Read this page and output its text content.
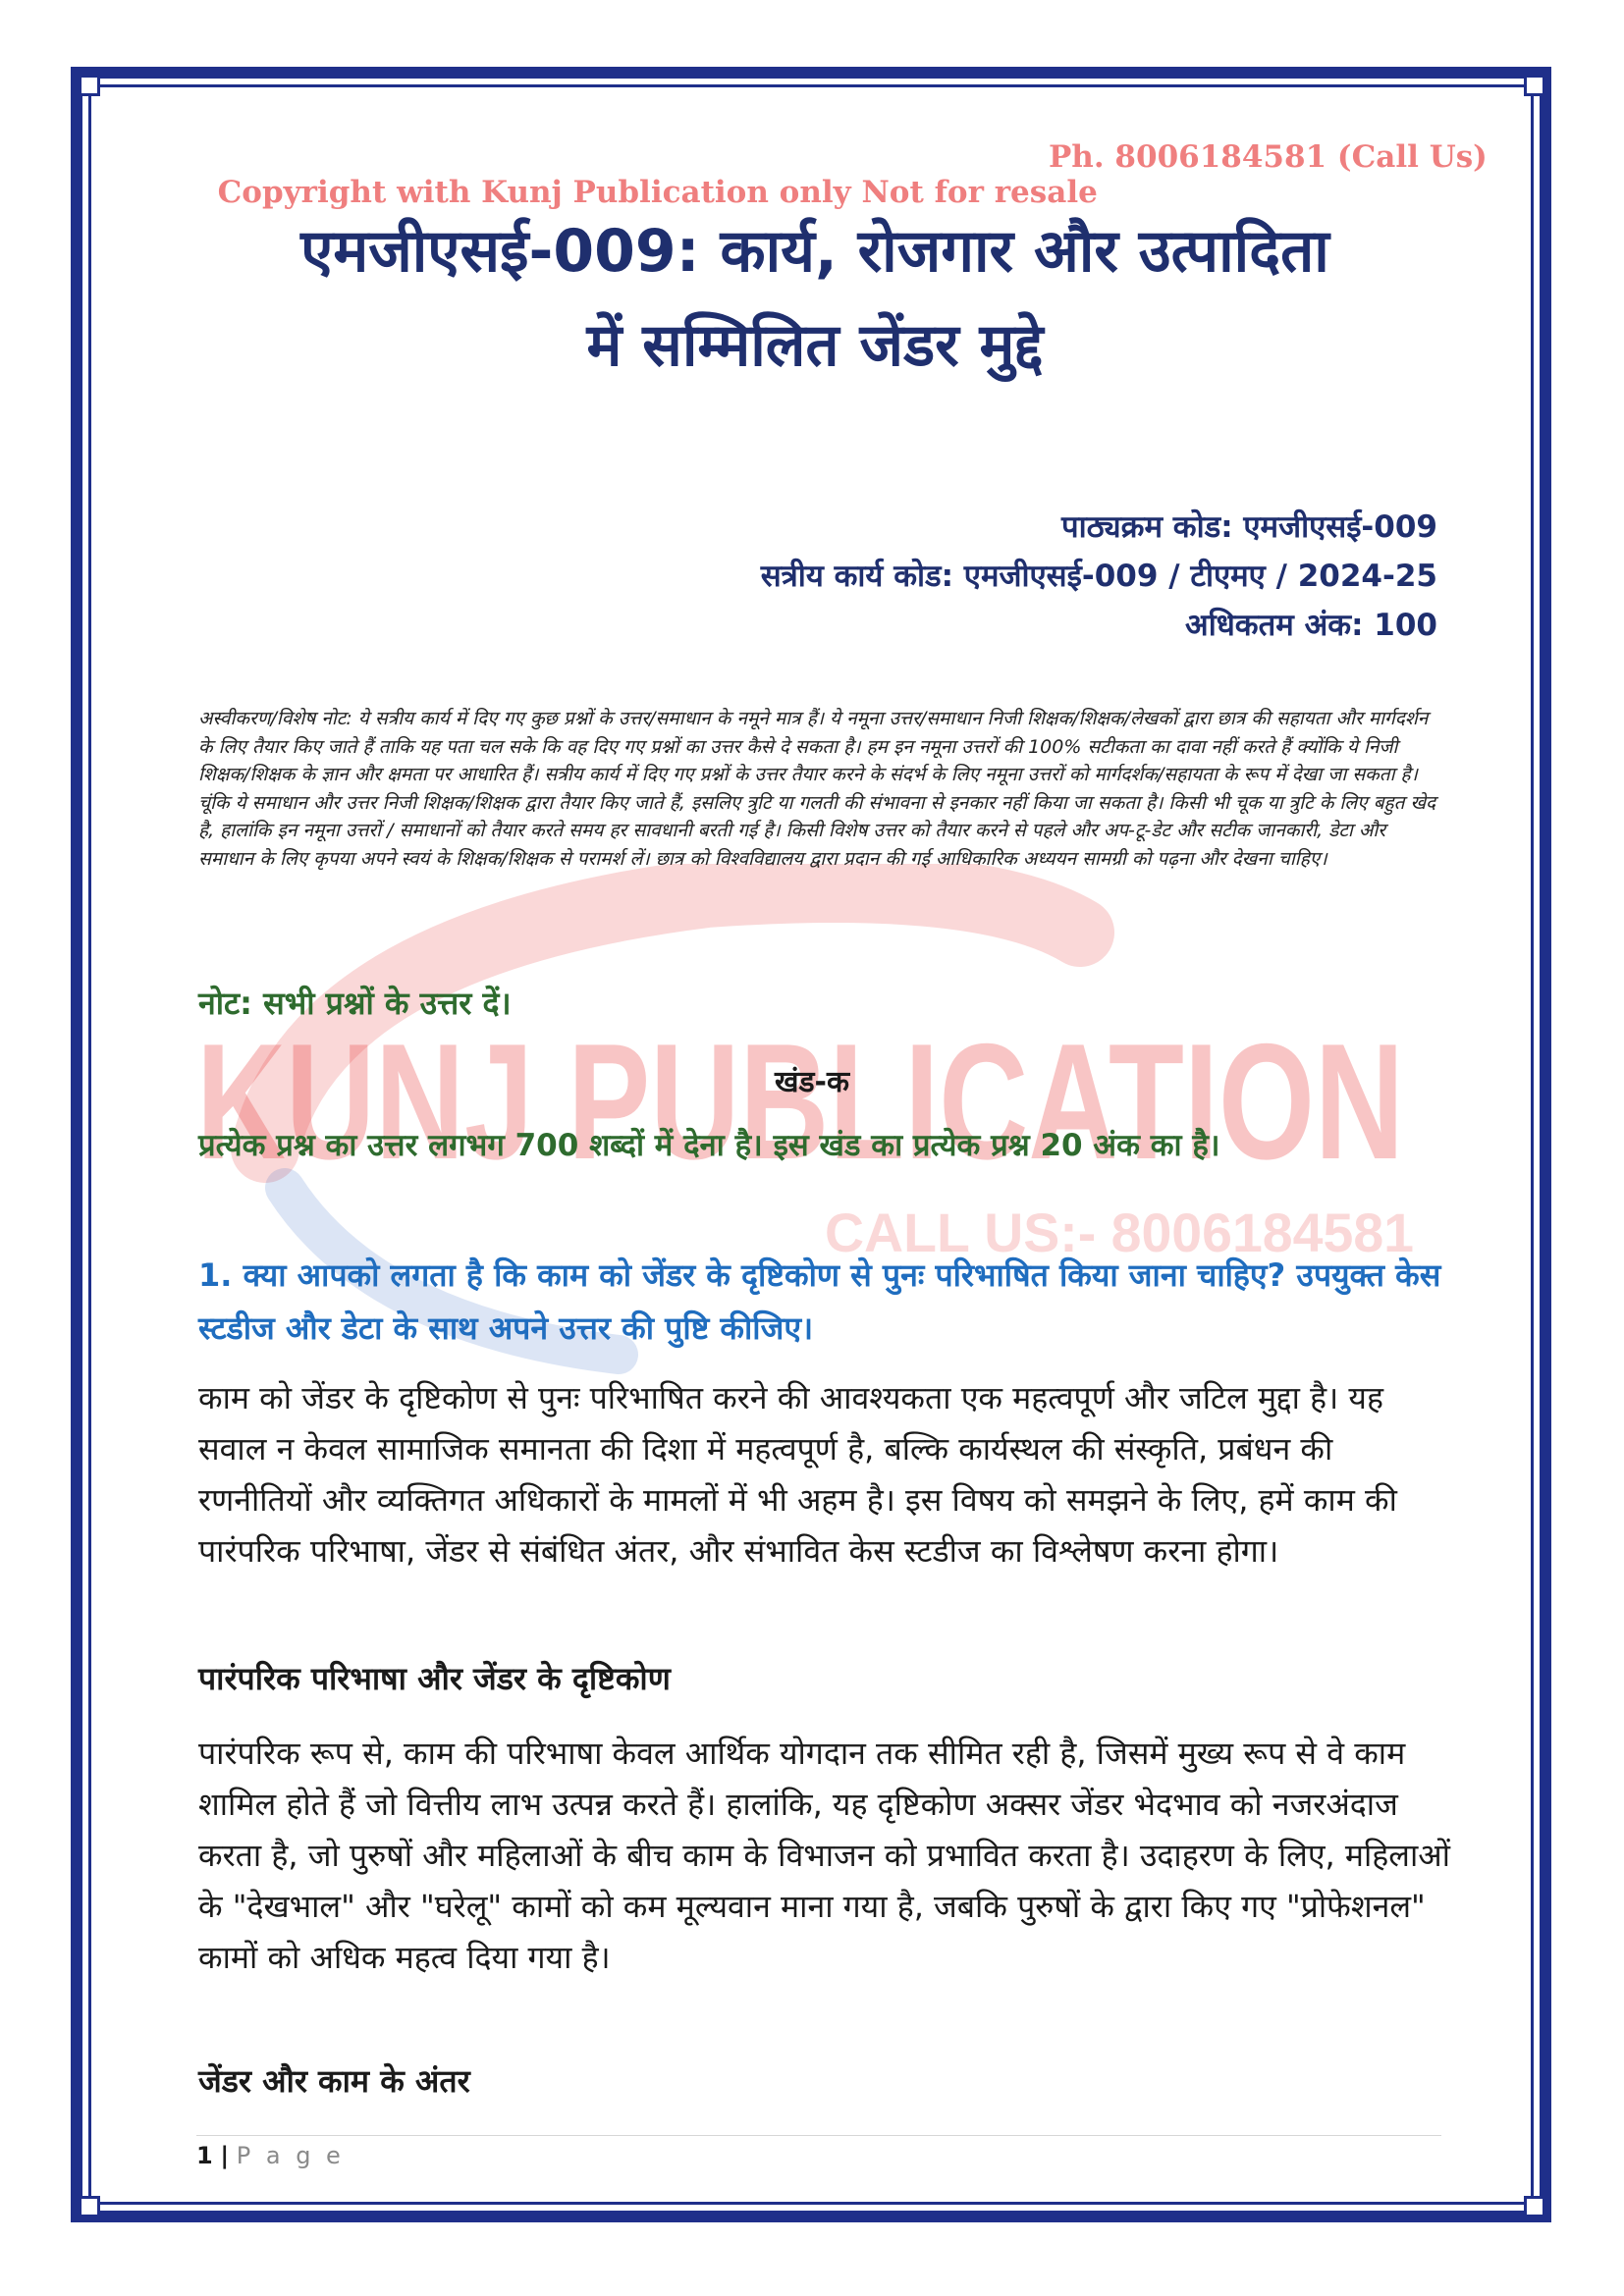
KUNJ PUBLICATION
CALL US:- 8006184581

Copyright with Kunj Publication only Not for resale

Ph. 8006184581 (Call Us)

एमजीएसई-009: कार्य, रोजगार और उत्पादिता
में सम्मिलित जेंडर मुद्दे
पाठ्यक्रम कोड: एमजीएसई-009
सत्रीय कार्य कोड: एमजीएसई-009 / टीएमए / 2024-25
अधिकतम अंक: 100

अस्वीकरण/विशेष नोट: ये सत्रीय कार्य में दिए गए कुछ प्रश्नों के उत्तर/समाधान के नमूने मात्र हैं। ये नमूना उत्तर/समाधान निजी शिक्षक/शिक्षक/लेखकों द्वारा छात्र की सहायता और मार्गदर्शन के लिए तैयार किए जाते हैं ताकि यह पता चल सके कि वह दिए गए प्रश्नों का उत्तर कैसे दे सकता है। हम इन नमूना उत्तरों की 100% सटीकता का दावा नहीं करते हैं क्योंकि ये निजी शिक्षक/शिक्षक के ज्ञान और क्षमता पर आधारित हैं। सत्रीय कार्य में दिए गए प्रश्नों के उत्तर तैयार करने के संदर्भ के लिए नमूना उत्तरों को मार्गदर्शक/सहायता के रूप में देखा जा सकता है। चूंकि ये समाधान और उत्तर निजी शिक्षक/शिक्षक द्वारा तैयार किए जाते हैं, इसलिए त्रुटि या गलती की संभावना से इनकार नहीं किया जा सकता है। किसी भी चूक या त्रुटि के लिए बहुत खेद है, हालांकि इन नमूना उत्तरों / समाधानों को तैयार करते समय हर सावधानी बरती गई है। किसी विशेष उत्तर को तैयार करने से पहले और अप-टू-डेट और सटीक जानकारी, डेटा और समाधान के लिए कृपया अपने स्वयं के शिक्षक/शिक्षक से परामर्श लें। छात्र को विश्वविद्यालय द्वारा प्रदान की गई आधिकारिक अध्ययन सामग्री को पढ़ना और देखना चाहिए।

नोट: सभी प्रश्नों के उत्तर दें।

खंड-क

प्रत्येक प्रश्न का उत्तर लगभग 700 शब्दों में देना है। इस खंड का प्रत्येक प्रश्न 20 अंक का है।

1. क्या आपको लगता है कि काम को जेंडर के दृष्टिकोण से पुनः परिभाषित किया जाना चाहिए? उपयुक्त केस स्टडीज और डेटा के साथ अपने उत्तर की पुष्टि कीजिए।

काम को जेंडर के दृष्टिकोण से पुनः परिभाषित करने की आवश्यकता एक महत्वपूर्ण और जटिल मुद्दा है। यह सवाल न केवल सामाजिक समानता की दिशा में महत्वपूर्ण है, बल्कि कार्यस्थल की संस्कृति, प्रबंधन की रणनीतियों और व्यक्तिगत अधिकारों के मामलों में भी अहम है। इस विषय को समझने के लिए, हमें काम की पारंपरिक परिभाषा, जेंडर से संबंधित अंतर, और संभावित केस स्टडीज का विश्लेषण करना होगा।

पारंपरिक परिभाषा और जेंडर के दृष्टिकोण

पारंपरिक रूप से, काम की परिभाषा केवल आर्थिक योगदान तक सीमित रही है, जिसमें मुख्य रूप से वे काम शामिल होते हैं जो वित्तीय लाभ उत्पन्न करते हैं। हालांकि, यह दृष्टिकोण अक्सर जेंडर भेदभाव को नजरअंदाज करता है, जो पुरुषों और महिलाओं के बीच काम के विभाजन को प्रभावित करता है। उदाहरण के लिए, महिलाओं के "देखभाल" और "घरेलू" कामों को कम मूल्यवान माना गया है, जबकि पुरुषों के द्वारा किए गए "प्रोफेशनल" कामों को अधिक महत्व दिया गया है।

जेंडर और काम के अंतर
1 | P a g e
